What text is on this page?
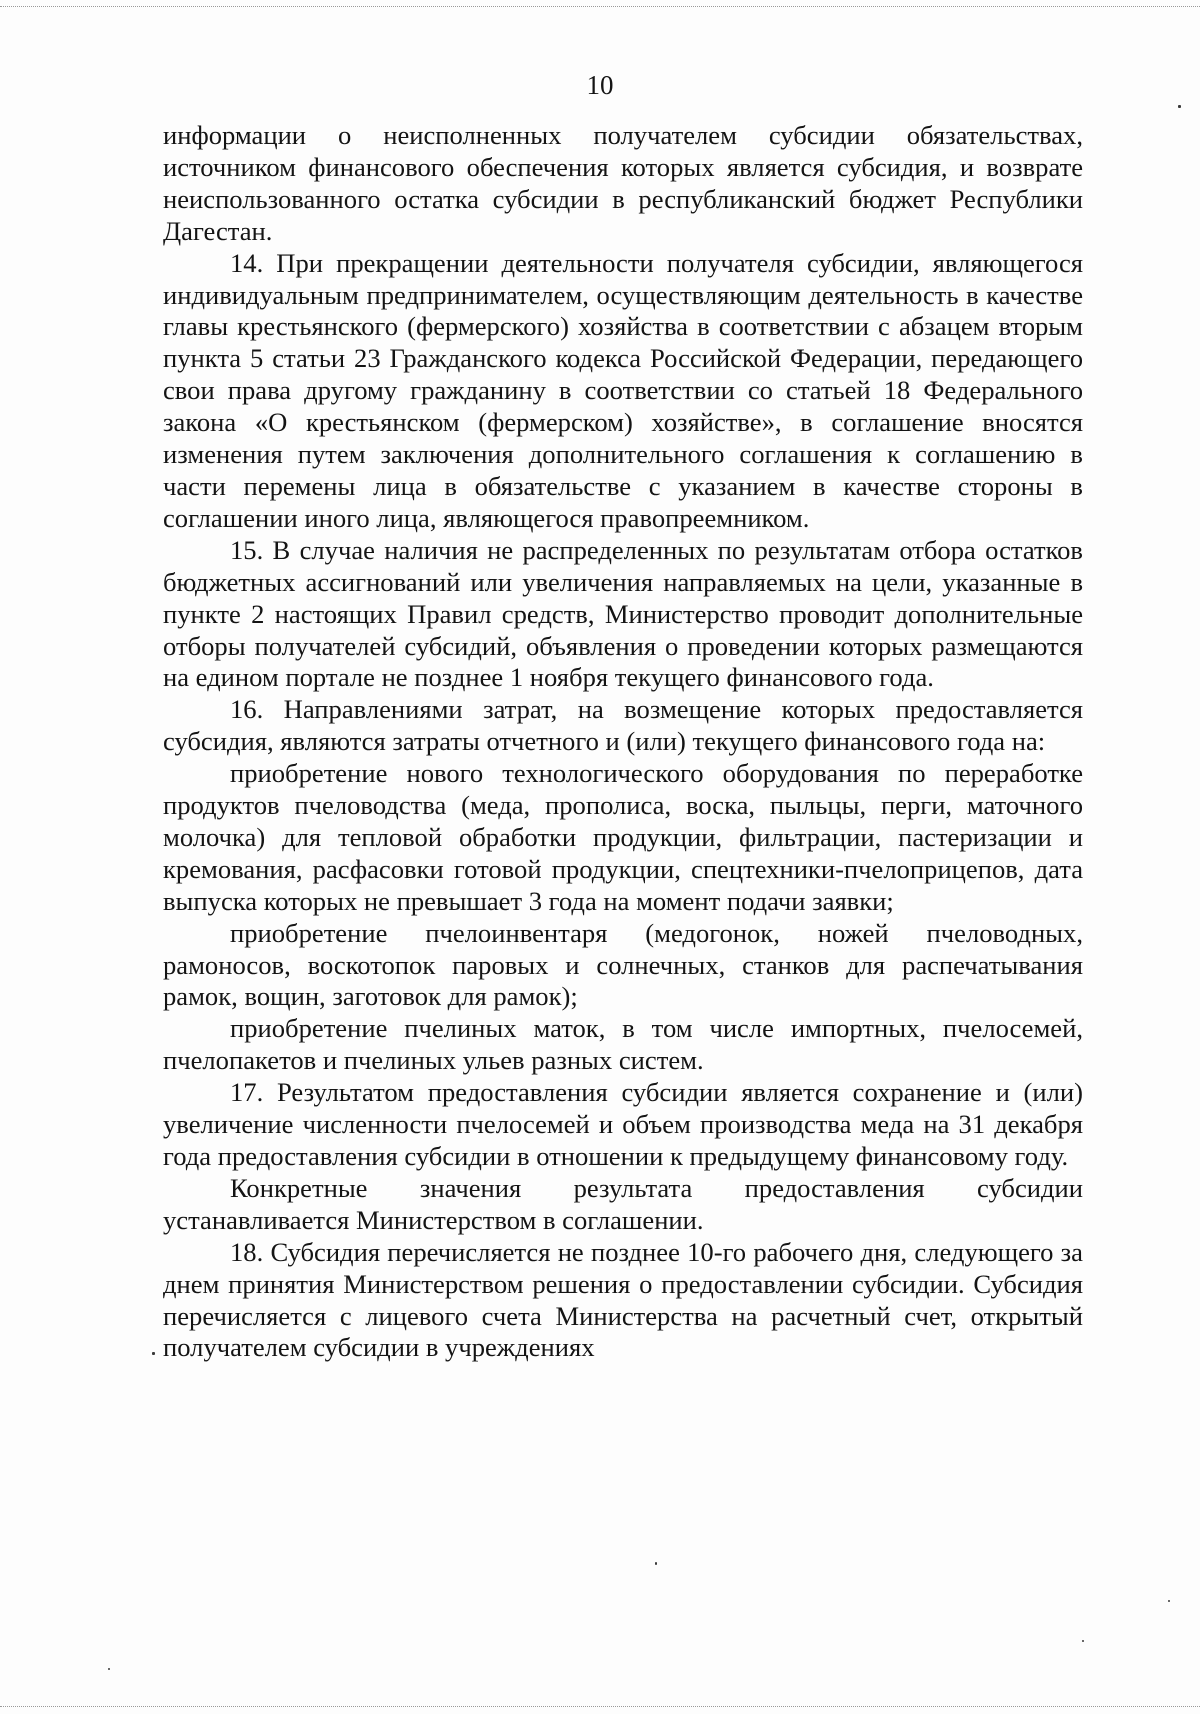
10

информации о неисполненных получателем субсидии обязательствах, источником финансового обеспечения которых является субсидия, и возврате неиспользованного остатка субсидии в республиканский бюджет Республики Дагестан.

14. При прекращении деятельности получателя субсидии, являющегося индивидуальным предпринимателем, осуществляющим деятельность в качестве главы крестьянского (фермерского) хозяйства в соответствии с абзацем вторым пункта 5 статьи 23 Гражданского кодекса Российской Федерации, передающего свои права другому гражданину в соответствии со статьей 18 Федерального закона «О крестьянском (фермерском) хозяйстве», в соглашение вносятся изменения путем заключения дополнительного соглашения к соглашению в части перемены лица в обязательстве с указанием в качестве стороны в соглашении иного лица, являющегося правопреемником.

15. В случае наличия не распределенных по результатам отбора остатков бюджетных ассигнований или увеличения направляемых на цели, указанные в пункте 2 настоящих Правил средств, Министерство проводит дополнительные отборы получателей субсидий, объявления о проведении которых размещаются на едином портале не позднее 1 ноября текущего финансового года.

16. Направлениями затрат, на возмещение которых предоставляется субсидия, являются затраты отчетного и (или) текущего финансового года на:

приобретение нового технологического оборудования по переработке продуктов пчеловодства (меда, прополиса, воска, пыльцы, перги, маточного молочка) для тепловой обработки продукции, фильтрации, пастеризации и кремования, расфасовки готовой продукции, спецтехники-пчелоприцепов, дата выпуска которых не превышает 3 года на момент подачи заявки;

приобретение пчелоинвентаря (медогонок, ножей пчеловодных, рамоносов, воскотопок паровых и солнечных, станков для распечатывания рамок, вощин, заготовок для рамок);

приобретение пчелиных маток, в том числе импортных, пчелосемей, пчелопакетов и пчелиных ульев разных систем.

17. Результатом предоставления субсидии является сохранение и (или) увеличение численности пчелосемей и объем производства меда на 31 декабря года предоставления субсидии в отношении к предыдущему финансовому году.

Конкретные значения результата предоставления субсидии устанавливается Министерством в соглашении.

18. Субсидия перечисляется не позднее 10-го рабочего дня, следующего за днем принятия Министерством решения о предоставлении субсидии. Субсидия перечисляется с лицевого счета Министерства на расчетный счет, открытый получателем субсидии в учреждениях
